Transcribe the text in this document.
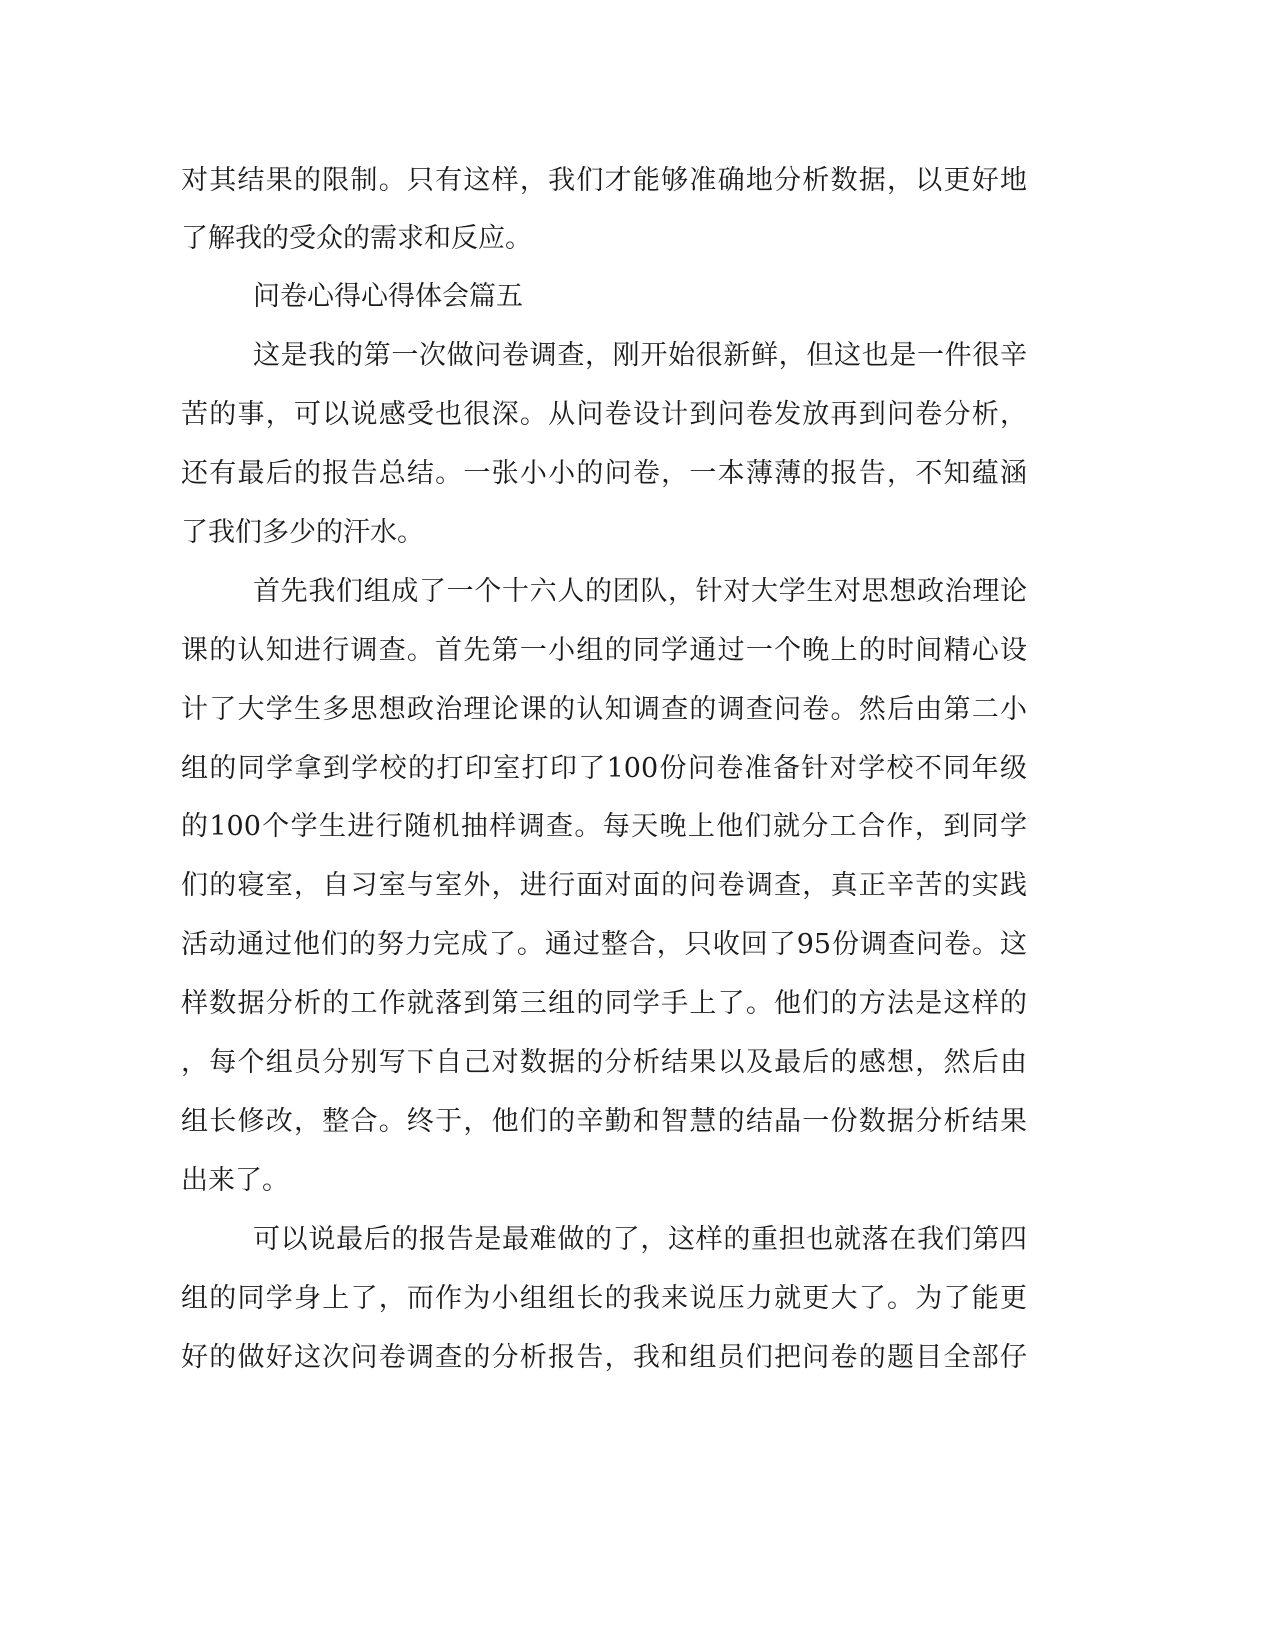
对其结果的限制。只有这样，我们才能够准确地分析数据，以更好地
了解我的受众的需求和反应。
问卷心得心得体会篇五
这是我的第一次做问卷调查，刚开始很新鲜，但这也是一件很辛
苦的事，可以说感受也很深。从问卷设计到问卷发放再到问卷分析，
还有最后的报告总结。一张小小的问卷，一本薄薄的报告，不知蕴涵
了我们多少的汗水。
首先我们组成了一个十六人的团队，针对大学生对思想政治理论
课的认知进行调查。首先第一小组的同学通过一个晚上的时间精心设
计了大学生多思想政治理论课的认知调查的调查问卷。然后由第二小
组的同学拿到学校的打印室打印了100份问卷准备针对学校不同年级
的100个学生进行随机抽样调查。每天晚上他们就分工合作，到同学
们的寝室，自习室与室外，进行面对面的问卷调查，真正辛苦的实践
活动通过他们的努力完成了。通过整合，只收回了95份调查问卷。这
样数据分析的工作就落到第三组的同学手上了。他们的方法是这样的
，每个组员分别写下自己对数据的分析结果以及最后的感想，然后由
组长修改，整合。终于，他们的辛勤和智慧的结晶一份数据分析结果
出来了。
可以说最后的报告是最难做的了，这样的重担也就落在我们第四
组的同学身上了，而作为小组组长的我来说压力就更大了。为了能更
好的做好这次问卷调查的分析报告，我和组员们把问卷的题目全部仔
